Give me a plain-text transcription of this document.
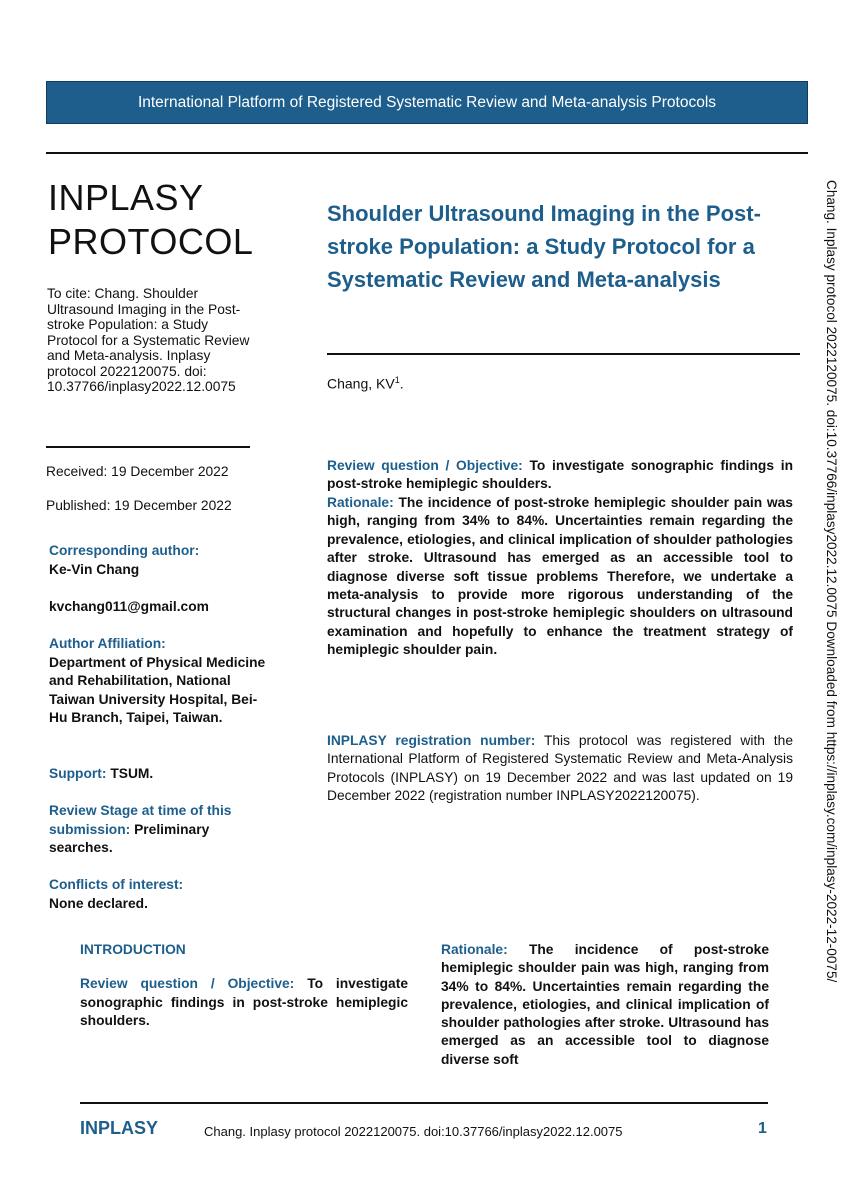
International Platform of Registered Systematic Review and Meta-analysis Protocols
INPLASY
PROTOCOL
To cite: Chang. Shoulder Ultrasound Imaging in the Post-stroke Population: a Study Protocol for a Systematic Review and Meta-analysis. Inplasy protocol 2022120075. doi: 10.37766/inplasy2022.12.0075
Received: 19 December 2022
Published: 19 December 2022
Corresponding author:
Ke-Vin Chang
kvchang011@gmail.com
Author Affiliation:
Department of Physical Medicine and Rehabilitation, National Taiwan University Hospital, Bei-Hu Branch, Taipei, Taiwan.
Support: TSUM.
Review Stage at time of this submission: Preliminary searches.
Conflicts of interest:
None declared.
Shoulder Ultrasound Imaging in the Post-stroke Population: a Study Protocol for a Systematic Review and Meta-analysis
Chang, $KV^1$.
Review question / Objective: To investigate sonographic findings in post-stroke hemiplegic shoulders.
Rationale: The incidence of post-stroke hemiplegic shoulder pain was high, ranging from 34% to 84%. Uncertainties remain regarding the prevalence, etiologies, and clinical implication of shoulder pathologies after stroke. Ultrasound has emerged as an accessible tool to diagnose diverse soft tissue problems Therefore, we undertake a meta-analysis to provide more rigorous understanding of the structural changes in post-stroke hemiplegic shoulders on ultrasound examination and hopefully to enhance the treatment strategy of hemiplegic shoulder pain.
INPLASY registration number: This protocol was registered with the International Platform of Registered Systematic Review and Meta-Analysis Protocols (INPLASY) on 19 December 2022 and was last updated on 19 December 2022 (registration number INPLASY2022120075).
INTRODUCTION
Review question / Objective: To investigate sonographic findings in post-stroke hemiplegic shoulders.
Rationale: The incidence of post-stroke hemiplegic shoulder pain was high, ranging from 34% to 84%. Uncertainties remain regarding the prevalence, etiologies, and clinical implication of shoulder pathologies after stroke. Ultrasound has emerged as an accessible tool to diagnose diverse soft
INPLASY	Chang. Inplasy protocol 2022120075. doi:10.37766/inplasy2022.12.0075	1
Chang. Inplasy protocol 2022120075. doi:10.37766/inplasy2022.12.0075 Downloaded from https://inplasy.com/inplasy-2022-12-0075/
